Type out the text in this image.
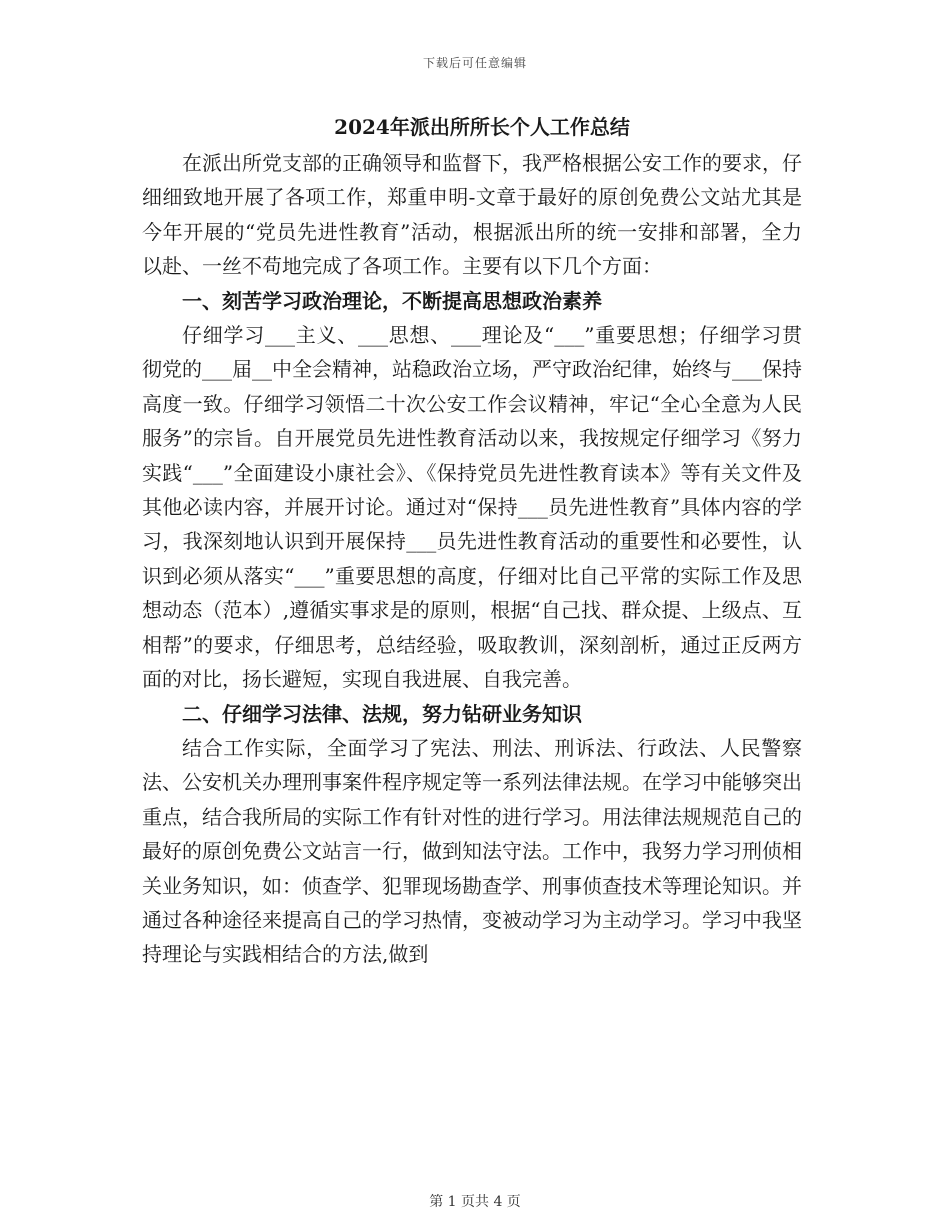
下载后可任意编辑
2024年派出所所长个人工作总结

在派出所党支部的正确领导和监督下，我严格根据公安工作的要求，仔细细致地开展了各项工作，郑重申明-文章于最好的原创免费公文站尤其是今年开展的“党员先进性教育”活动，根据派出所的统一安排和部署，全力以赴、一丝不苟地完成了各项工作。主要有以下几个方面：

一、刻苦学习政治理论，不断提高思想政治素养

仔细学习___主义、___思想、___理论及“___”重要思想；仔细学习贯彻党的___届__中全会精神，站稳政治立场，严守政治纪律，始终与___保持高度一致。仔细学习领悟二十次公安工作会议精神，牢记“全心全意为人民服务”的宗旨。自开展党员先进性教育活动以来，我按规定仔细学习《努力实践“___”全面建设小康社会》、《保持党员先进性教育读本》等有关文件及其他必读内容，并展开讨论。通过对“保持___员先进性教育”具体内容的学习，我深刻地认识到开展保持___员先进性教育活动的重要性和必要性，认识到必须从落实“___”重要思想的高度，仔细对比自己平常的实际工作及思想动态（范本）,遵循实事求是的原则，根据“自己找、群众提、上级点、互相帮”的要求，仔细思考，总结经验，吸取教训，深刻剖析，通过正反两方面的对比，扬长避短，实现自我进展、自我完善。

二、仔细学习法律、法规，努力钻研业务知识

结合工作实际，全面学习了宪法、刑法、刑诉法、行政法、人民警察法、公安机关办理刑事案件程序规定等一系列法律法规。在学习中能够突出重点，结合我所局的实际工作有针对性的进行学习。用法律法规规范自己的最好的原创免费公文站言一行，做到知法守法。工作中，我努力学习刑侦相关业务知识，如：侦查学、犯罪现场勘查学、刑事侦查技术等理论知识。并通过各种途径来提高自己的学习热情，变被动学习为主动学习。学习中我坚持理论与实践相结合的方法,做到

第 1 页共 4 页
